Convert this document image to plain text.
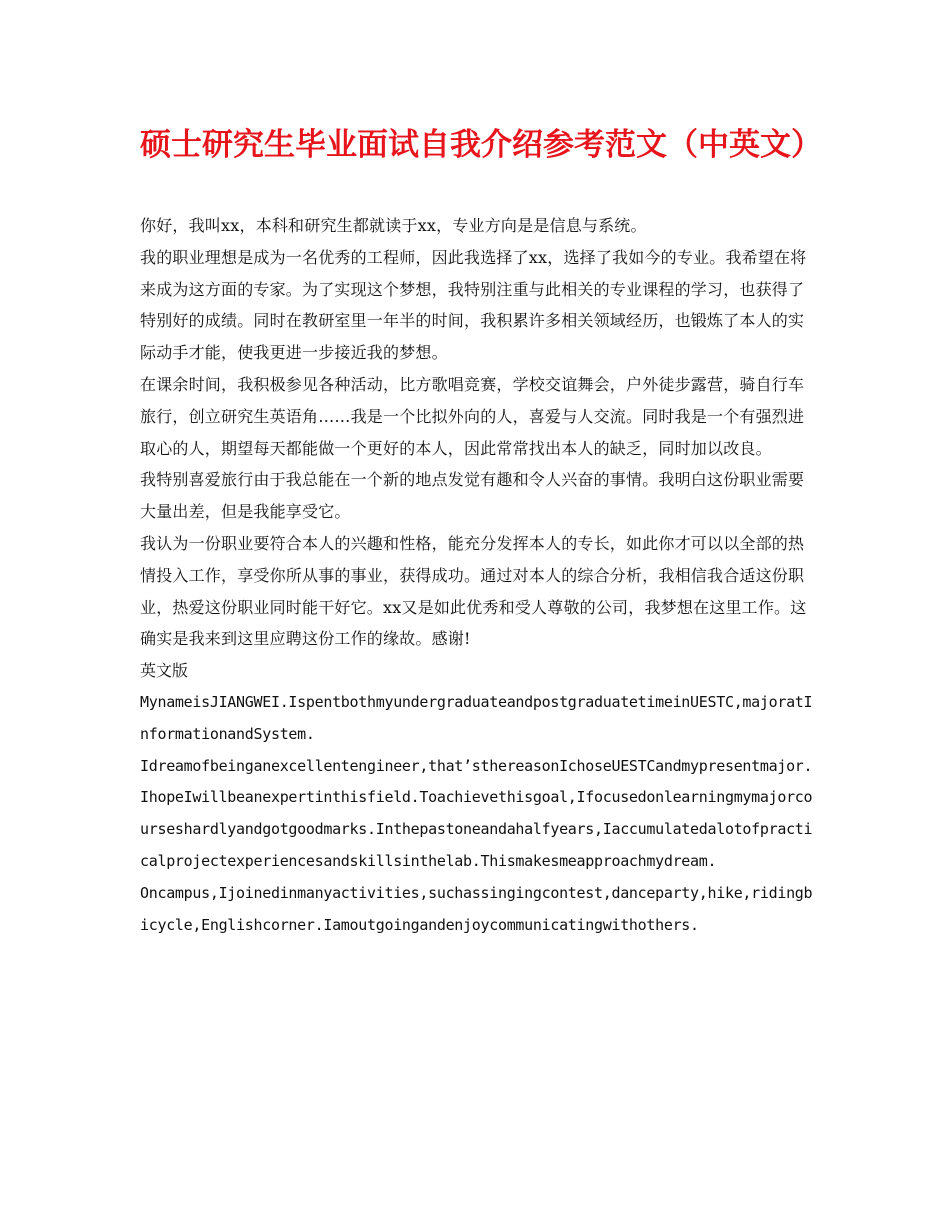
硕士研究生毕业面试自我介绍参考范文（中英文）

你好，我叫xx，本科和研究生都就读于xx，专业方向是是信息与系统。

我的职业理想是成为一名优秀的工程师，因此我选择了xx，选择了我如今的专业。我希望在将来成为这方面的专家。为了实现这个梦想，我特别注重与此相关的专业课程的学习，也获得了特别好的成绩。同时在教研室里一年半的时间，我积累许多相关领域经历，也锻炼了本人的实际动手才能，使我更进一步接近我的梦想。

在课余时间，我积极参见各种活动，比方歌唱竞赛，学校交谊舞会，户外徒步露营，骑自行车旅行，创立研究生英语角……我是一个比拟外向的人，喜爱与人交流。同时我是一个有强烈进取心的人，期望每天都能做一个更好的本人，因此常常找出本人的缺乏，同时加以改良。

我特别喜爱旅行由于我总能在一个新的地点发觉有趣和令人兴奋的事情。我明白这份职业需要大量出差，但是我能享受它。

我认为一份职业要符合本人的兴趣和性格，能充分发挥本人的专长，如此你才可以以全部的热情投入工作，享受你所从事的事业，获得成功。通过对本人的综合分析，我相信我合适这份职业，热爱这份职业同时能干好它。xx又是如此优秀和受人尊敬的公司，我梦想在这里工作。这确实是我来到这里应聘这份工作的缘故。感谢!

英文版

MynameisJIANGWEI.IspentbothmyundergraduateandpostgraduatetimeinUESTC,majoratInformationandSystem.

Idreamofbeinganexcellentengineer,that’sthereasonIchoseUESTCandmypresentmajor.IhopeIwillbeanexpertinthisfield.Toachievethisgoal,Ifocusedonlearningmymajorcourseshardlyandgotgoodmarks.Inthepastoneandahalfyears,Iaccumulatedalotofpracticalprojectexperiencesandskillsinthelab.Thismakesmeapproachmydream.

Oncampus,Ijoinedinmanyactivities,suchassingingcontest,danceparty,hike,ridingbicycle,Englishcorner.Iamoutgoingandenjoycommunicatingwithothers.
